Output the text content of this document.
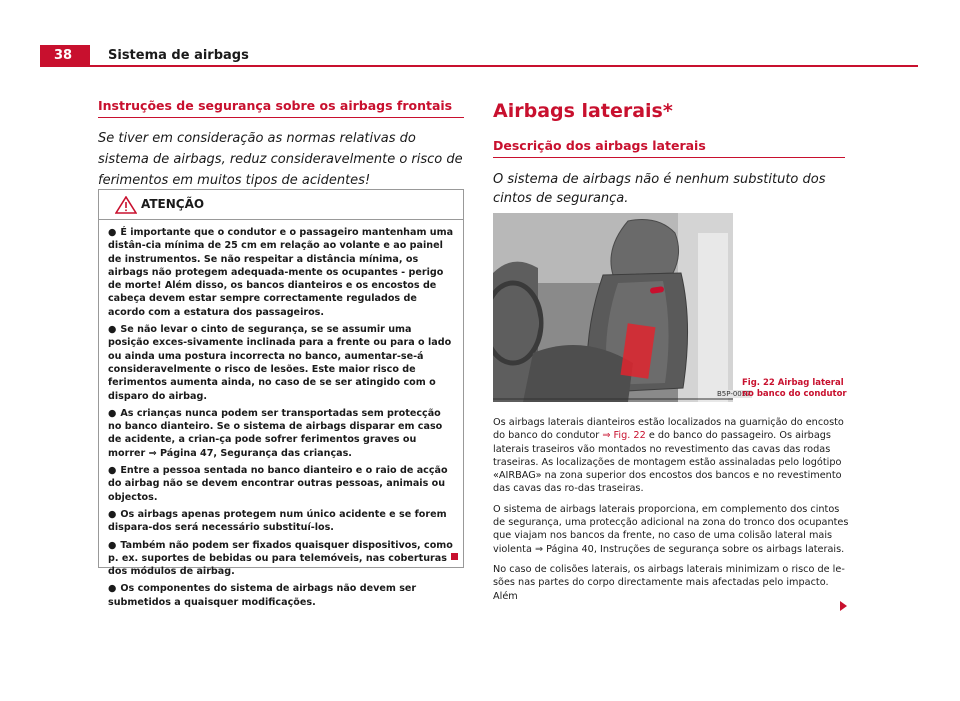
38	Sistema de airbags
Instruções de segurança sobre os airbags frontais
Se tiver em consideração as normas relativas do sistema de airbags, reduz consideravelmente o risco de ferimentos em muitos tipos de acidentes!
ATENÇÃO
● É importante que o condutor e o passageiro mantenham uma distân-cia mínima de 25 cm em relação ao volante e ao painel de instrumentos. Se não respeitar a distância mínima, os airbags não protegem adequada-mente os ocupantes - perigo de morte! Além disso, os bancos dianteiros e os encostos de cabeça devem estar sempre correctamente regulados de acordo com a estatura dos passageiros.
● Se não levar o cinto de segurança, se se assumir uma posição exces-sivamente inclinada para a frente ou para o lado ou ainda uma postura incorrecta no banco, aumentar-se-á consideravelmente o risco de lesões. Este maior risco de ferimentos aumenta ainda, no caso de se ser atingido com o disparo do airbag.
● As crianças nunca podem ser transportadas sem protecção no banco dianteiro. Se o sistema de airbags disparar em caso de acidente, a crian-ça pode sofrer ferimentos graves ou morrer ⇒ Página 47, Segurança das crianças.
● Entre a pessoa sentada no banco dianteiro e o raio de acção do airbag não se devem encontrar outras pessoas, animais ou objectos.
● Os airbags apenas protegem num único acidente e se forem dispara-dos será necessário substituí-los.
● Também não podem ser fixados quaisquer dispositivos, como p. ex. suportes de bebidas ou para telemóveis, nas coberturas dos módulos de airbag.
● Os componentes do sistema de airbags não devem ser submetidos a quaisquer modificações.
Airbags laterais*
Descrição dos airbags laterais
O sistema de airbags não é nenhum substituto dos cintos de segurança.
B5P-0057
Fig. 22 Airbag lateral no banco do condutor

Os airbags laterais dianteiros estão localizados na guarnição do encosto do banco do condutor ⇒ Fig. 22 e do banco do passageiro. Os airbags laterais traseiros vão montados no revestimento das cavas das rodas traseiras. As localizações de montagem estão assinaladas pelo logótipo «AIRBAG» na zona superior dos encostos dos bancos e no revestimento das cavas das ro-das traseiras.

O sistema de airbags laterais proporciona, em complemento dos cintos de segurança, uma protecção adicional na zona do tronco dos ocupantes que viajam nos bancos da frente, no caso de uma colisão lateral mais violenta ⇒ Página 40, Instruções de segurança sobre os airbags laterais.

No caso de colisões laterais, os airbags laterais minimizam o risco de le-sões nas partes do corpo directamente mais afectadas pelo impacto. Além
